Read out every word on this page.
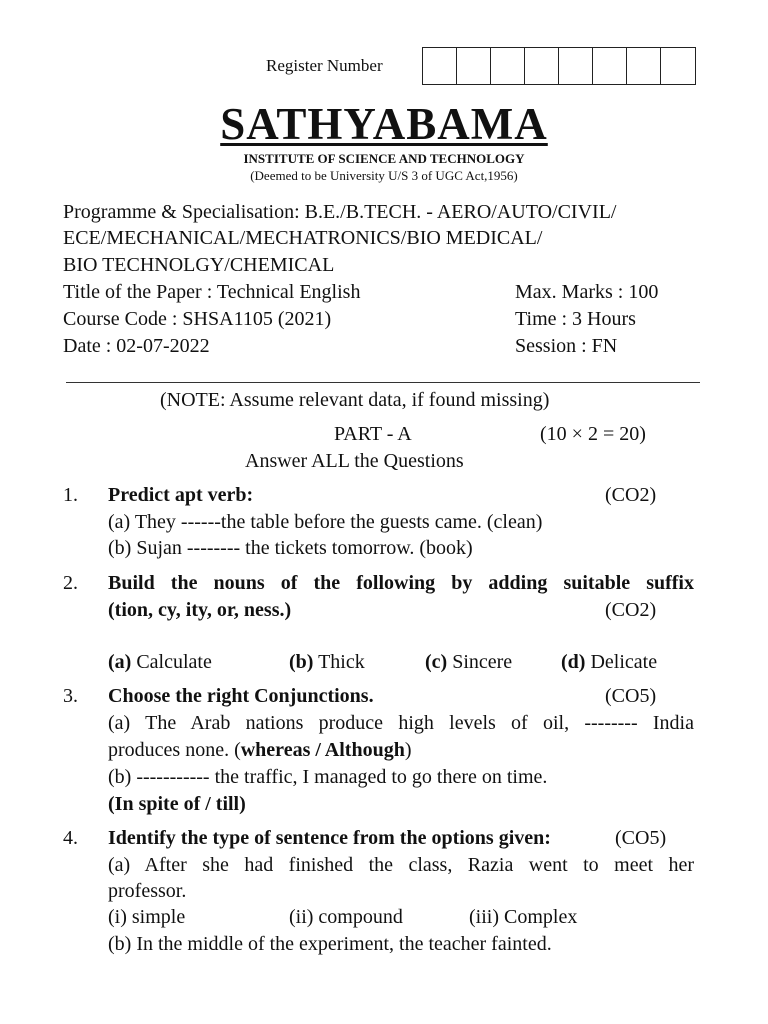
Register Number
SATHYABAMA
INSTITUTE OF SCIENCE AND TECHNOLOGY
(Deemed to be University U/S 3 of UGC Act,1956)
Programme & Specialisation: B.E./B.TECH. - AERO/AUTO/CIVIL/
ECE/MECHANICAL/MECHATRONICS/BIO MEDICAL/
BIO TECHNOLGY/CHEMICAL
Title of the Paper : Technical English	Max. Marks : 100
Course Code : SHSA1105 (2021)	Time : 3 Hours
Date : 02-07-2022	Session : FN
(NOTE: Assume relevant data, if found missing)
PART - A	(10 × 2 = 20)
Answer ALL the Questions
1. Predict apt verb:	(CO2)
(a) They ------the table before the guests came. (clean)
(b) Sujan -------- the tickets tomorrow. (book)
2. Build the nouns of the following by adding suitable suffix
(tion, cy, ity, or, ness.)	(CO2)
(a) Calculate	(b) Thick	(c) Sincere (d) Delicate
3. Choose the right Conjunctions.	(CO5)
(a) The Arab nations produce high levels of oil, -------- India
produces none. (whereas / Although)
(b) ----------- the traffic, I managed to go there on time.
(In spite of / till)
4. Identify the type of sentence from the options given:	(CO5)
(a) After she had finished the class, Razia went to meet her
professor.
(i) simple	(ii) compound	(iii) Complex
(b) In the middle of the experiment, the teacher fainted.
